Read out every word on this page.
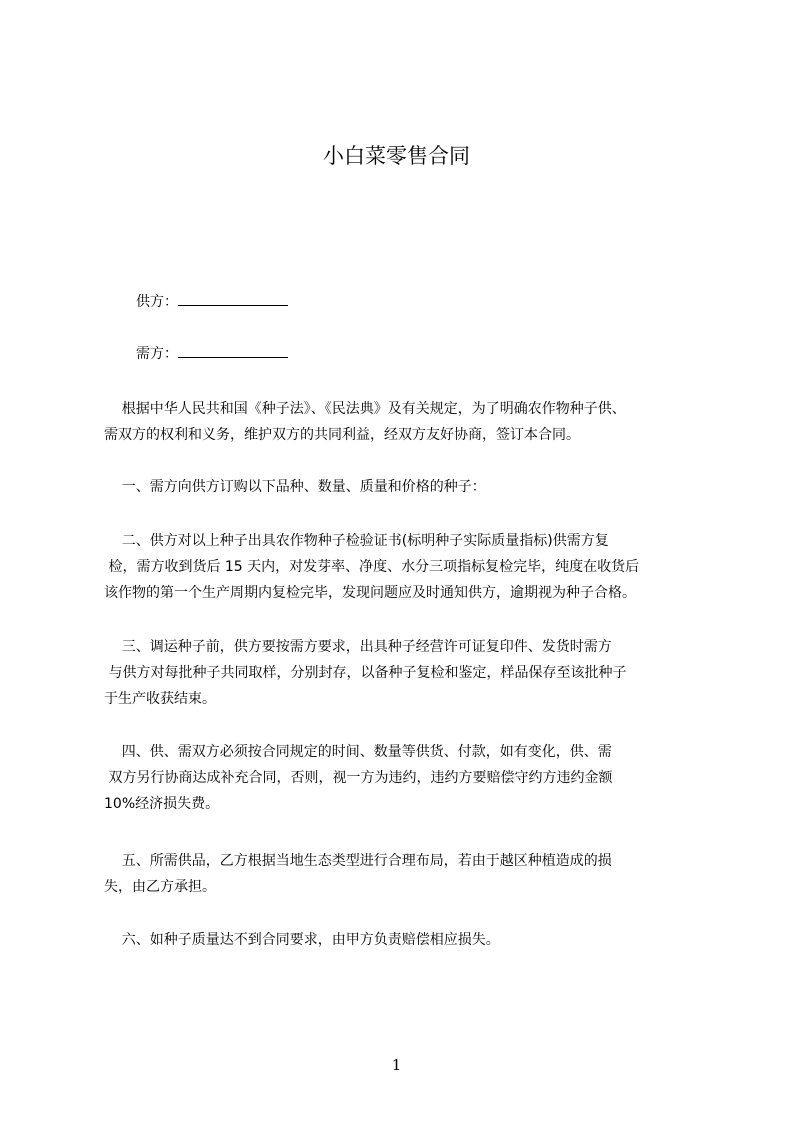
小白菜零售合同
供方：
需方：
根据中华人民共和国《种子法》、《民法典》及有关规定，为了明确农作物种子供、
需双方的权利和义务，维护双方的共同利益，经双方友好协商，签订本合同。
一、需方向供方订购以下品种、数量、质量和价格的种子：
二、供方对以上种子出具农作物种子检验证书(标明种子实际质量指标)供需方复
检，需方收到货后 15 天内，对发芽率、净度、水分三项指标复检完毕，纯度在收货后
该作物的第一个生产周期内复检完毕，发现问题应及时通知供方，逾期视为种子合格。
三、调运种子前，供方要按需方要求，出具种子经营许可证复印件、发货时需方
与供方对每批种子共同取样，分别封存，以备种子复检和鉴定，样品保存至该批种子
于生产收获结束。
四、供、需双方必须按合同规定的时间、数量等供货、付款，如有变化，供、需
双方另行协商达成补充合同，否则，视一方为违约，违约方要赔偿守约方违约金额
10%经济损失费。
五、所需供品，乙方根据当地生态类型进行合理布局，若由于越区种植造成的损
失，由乙方承担。
六、如种子质量达不到合同要求，由甲方负责赔偿相应损失。
1
